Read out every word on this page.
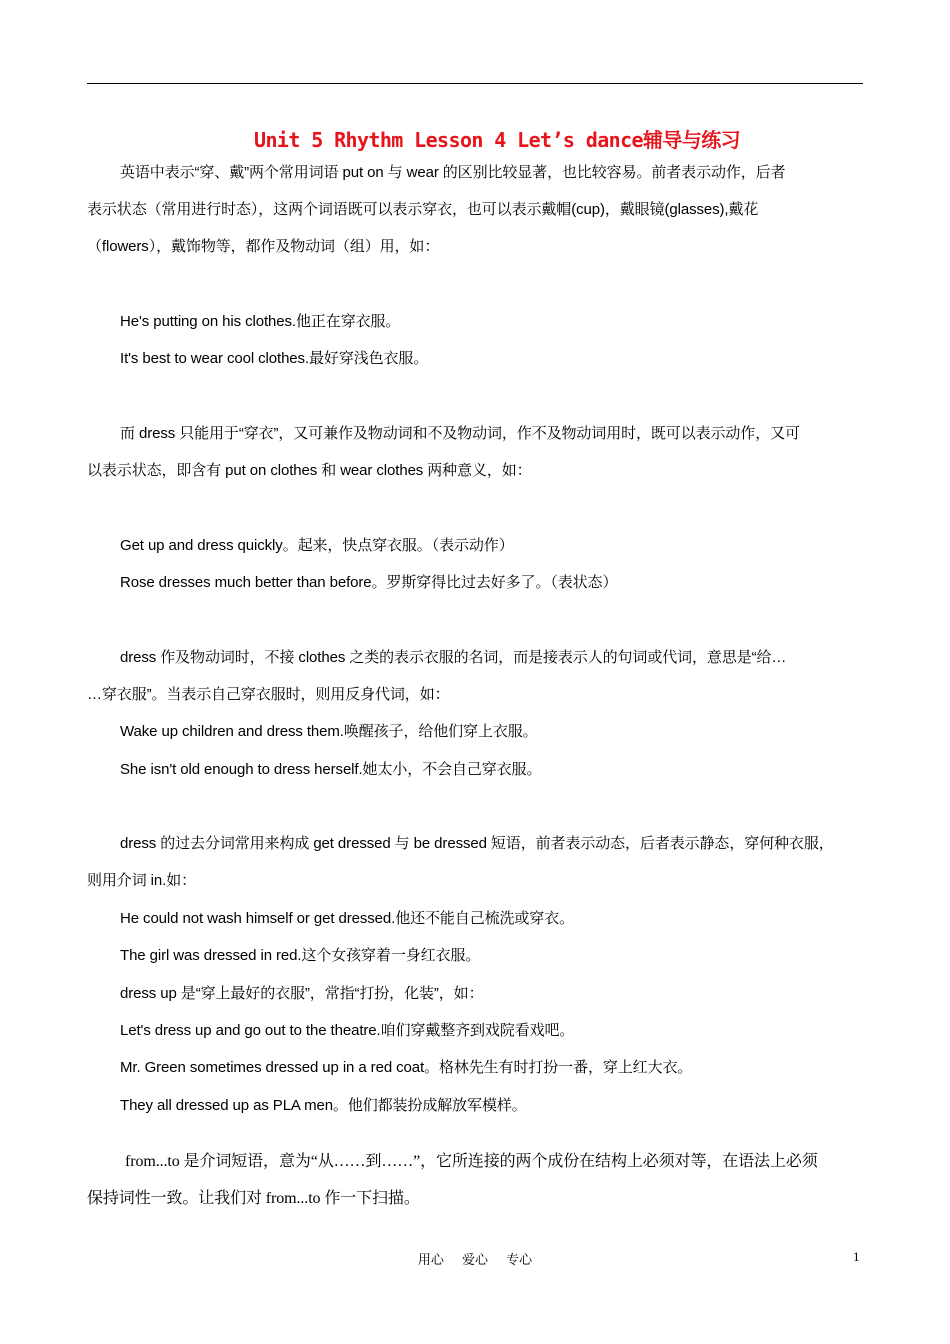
Unit 5 Rhythm Lesson 4 Let’s dance辅导与练习
英语中表示“穿、戴”两个常用词语 put on 与 wear 的区别比较显著，也比较容易。前者表示动作，后者
表示状态（常用进行时态），这两个词语既可以表示穿衣，也可以表示戴帽(cup)，戴眼镜(glasses),戴花
（flowers），戴饰物等，都作及物动词（组）用，如：
He's putting on his clothes.他正在穿衣服。
It's best to wear cool clothes.最好穿浅色衣服。
而 dress 只能用于“穿衣”，又可兼作及物动词和不及物动词，作不及物动词用时，既可以表示动作，又可
以表示状态，即含有 put on clothes 和 wear clothes 两种意义，如：
Get up and dress quickly。起来，快点穿衣服。（表示动作）
Rose dresses much better than before。罗斯穿得比过去好多了。（表状态）
dress 作及物动词时，不接 clothes 之类的表示衣服的名词，而是接表示人的句词或代词，意思是“给…
…穿衣服”。当表示自己穿衣服时，则用反身代词，如：
Wake up children and dress them.唤醒孩子，给他们穿上衣服。
She isn't old enough to dress herself.她太小，不会自己穿衣服。
dress 的过去分词常用来构成 get dressed 与 be dressed 短语，前者表示动态，后者表示静态，穿何种衣服，
则用介词 in.如：
He could not wash himself or get dressed.他还不能自己梳洗或穿衣。
The girl was dressed in red.这个女孩穿着一身红衣服。
dress up 是“穿上最好的衣服”，常指“打扮，化装”，如：
Let's dress up and go out to the theatre.咱们穿戴整齐到戏院看戏吧。
Mr. Green sometimes dressed up in a red coat。格林先生有时打扮一番，穿上红大衣。
They all dressed up as PLA men。他们都装扮成解放军模样。
from...to 是介词短语，意为“从……到……”，它所连接的两个成份在结构上必须对等，在语法上必须
保持词性一致。让我们对 from...to 作一下扫描。
用心 爱心 专心	1
